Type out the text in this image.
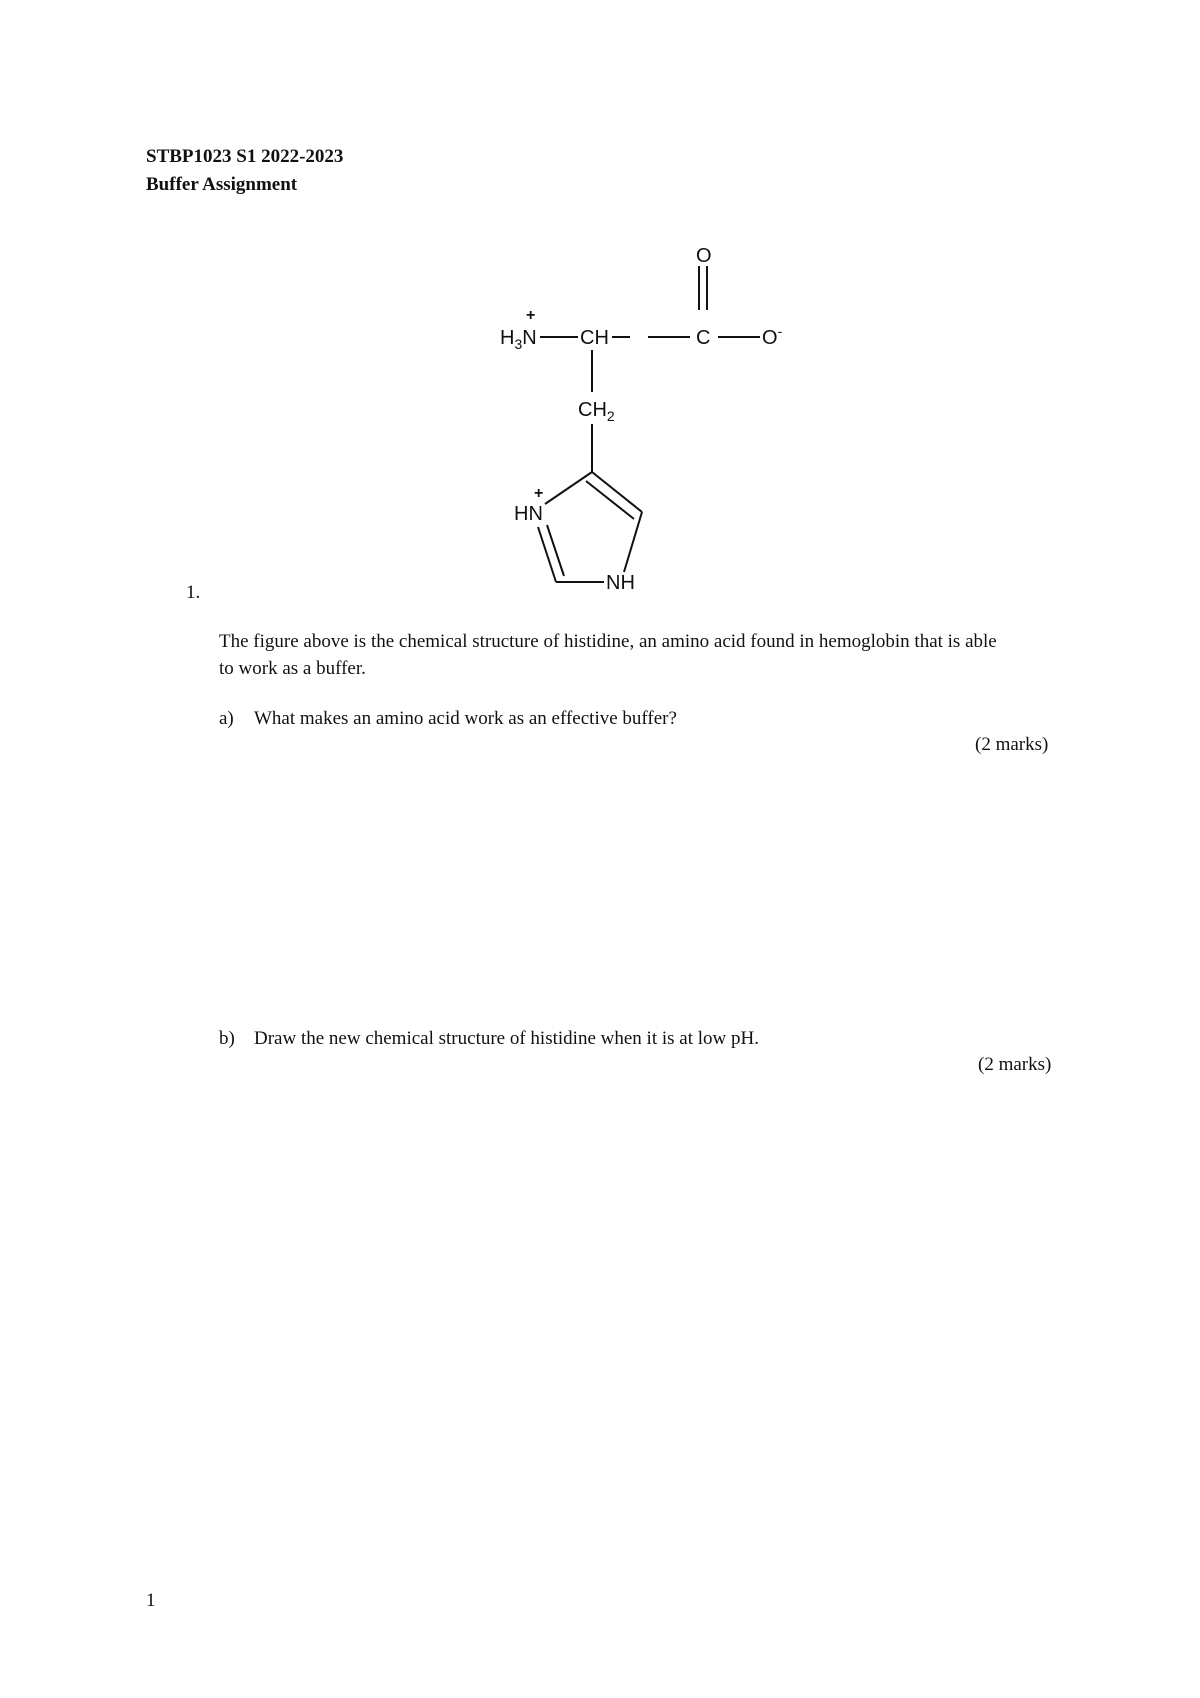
STBP1023 S1 2022-2023
Buffer Assignment
O
$H_3N$
+
CH	C	O-
$CH_2$
HN
+
NH
1.
The figure above is the chemical structure of histidine, an amino acid found in hemoglobin that is able
to work as a buffer.
a) What makes an amino acid work as an effective buffer?
(2 marks)
b) Draw the new chemical structure of histidine when it is at low pH.
(2 marks)
1
